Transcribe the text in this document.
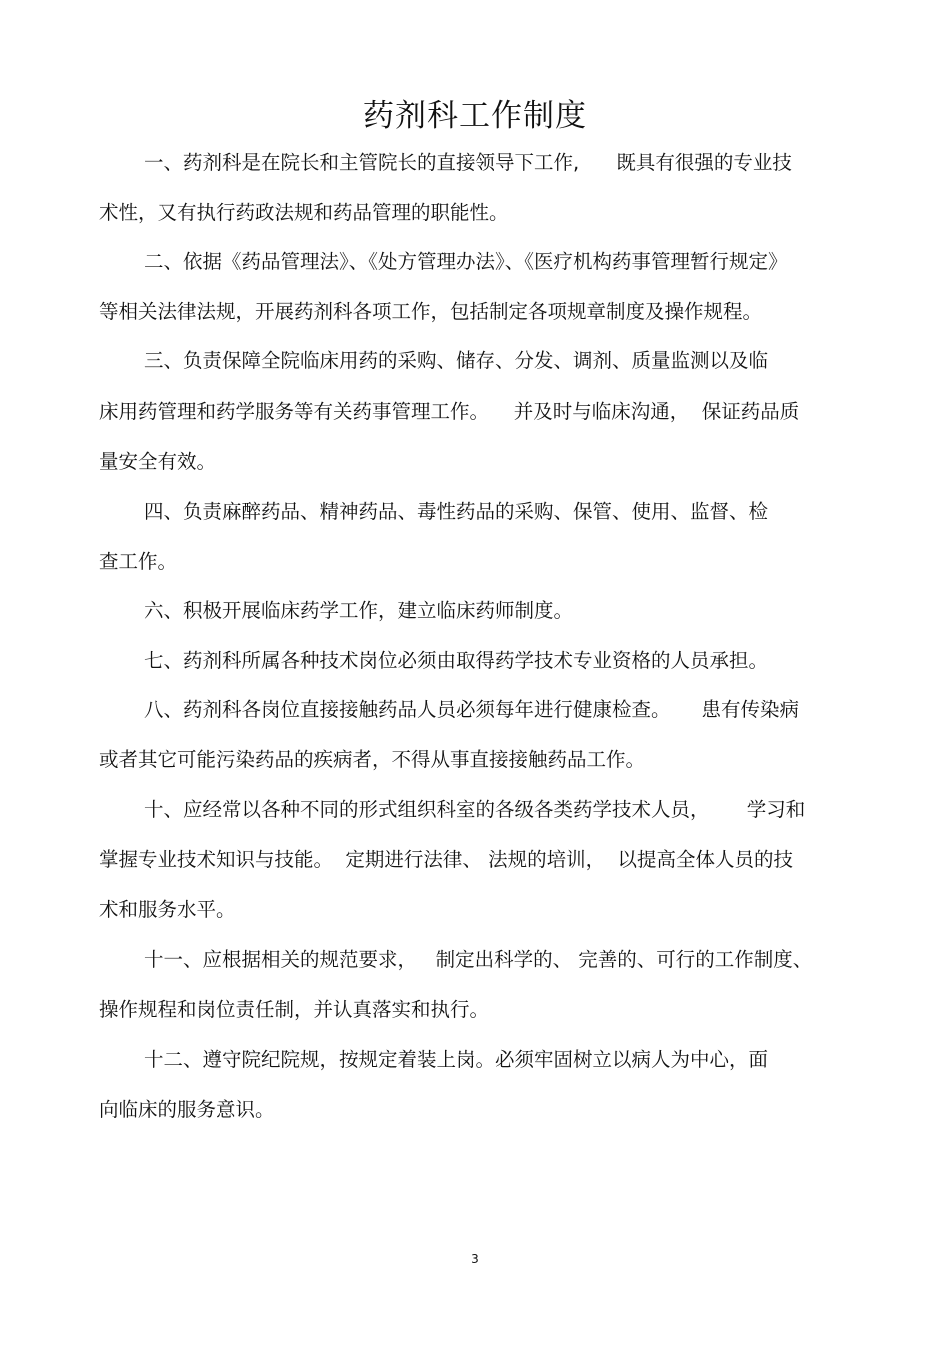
药剂科工作制度
一、药剂科是在院长和主管院长的直接领导下工作,      既具有很强的专业技
术性，又有执行药政法规和药品管理的职能性。
二、依据《药品管理法》、《处方管理办法》、《医疗机构药事管理暂行规定》
等相关法律法规，开展药剂科各项工作，包括制定各项规章制度及操作规程。
三、负责保障全院临床用药的采购、储存、分发、调剂、质量监测以及临
床用药管理和药学服务等有关药事管理工作。    并及时与临床沟通，  保证药品质
量安全有效。
四、负责麻醉药品、精神药品、毒性药品的采购、保管、使用、监督、检
查工作。
六、积极开展临床药学工作，建立临床药师制度。
七、药剂科所属各种技术岗位必须由取得药学技术专业资格的人员承担。
八、药剂科各岗位直接接触药品人员必须每年进行健康检查。     患有传染病
或者其它可能污染药品的疾病者，不得从事直接接触药品工作。
十、应经常以各种不同的形式组织科室的各级各类药学技术人员，      学习和
掌握专业技术知识与技能。  定期进行法律、 法规的培训，  以提高全体人员的技
术和服务水平。
十一、应根据相关的规范要求，   制定出科学的、 完善的、可行的工作制度、
操作规程和岗位责任制，并认真落实和执行。
十二、遵守院纪院规，按规定着装上岗。必须牢固树立以病人为中心，面
向临床的服务意识。
3
